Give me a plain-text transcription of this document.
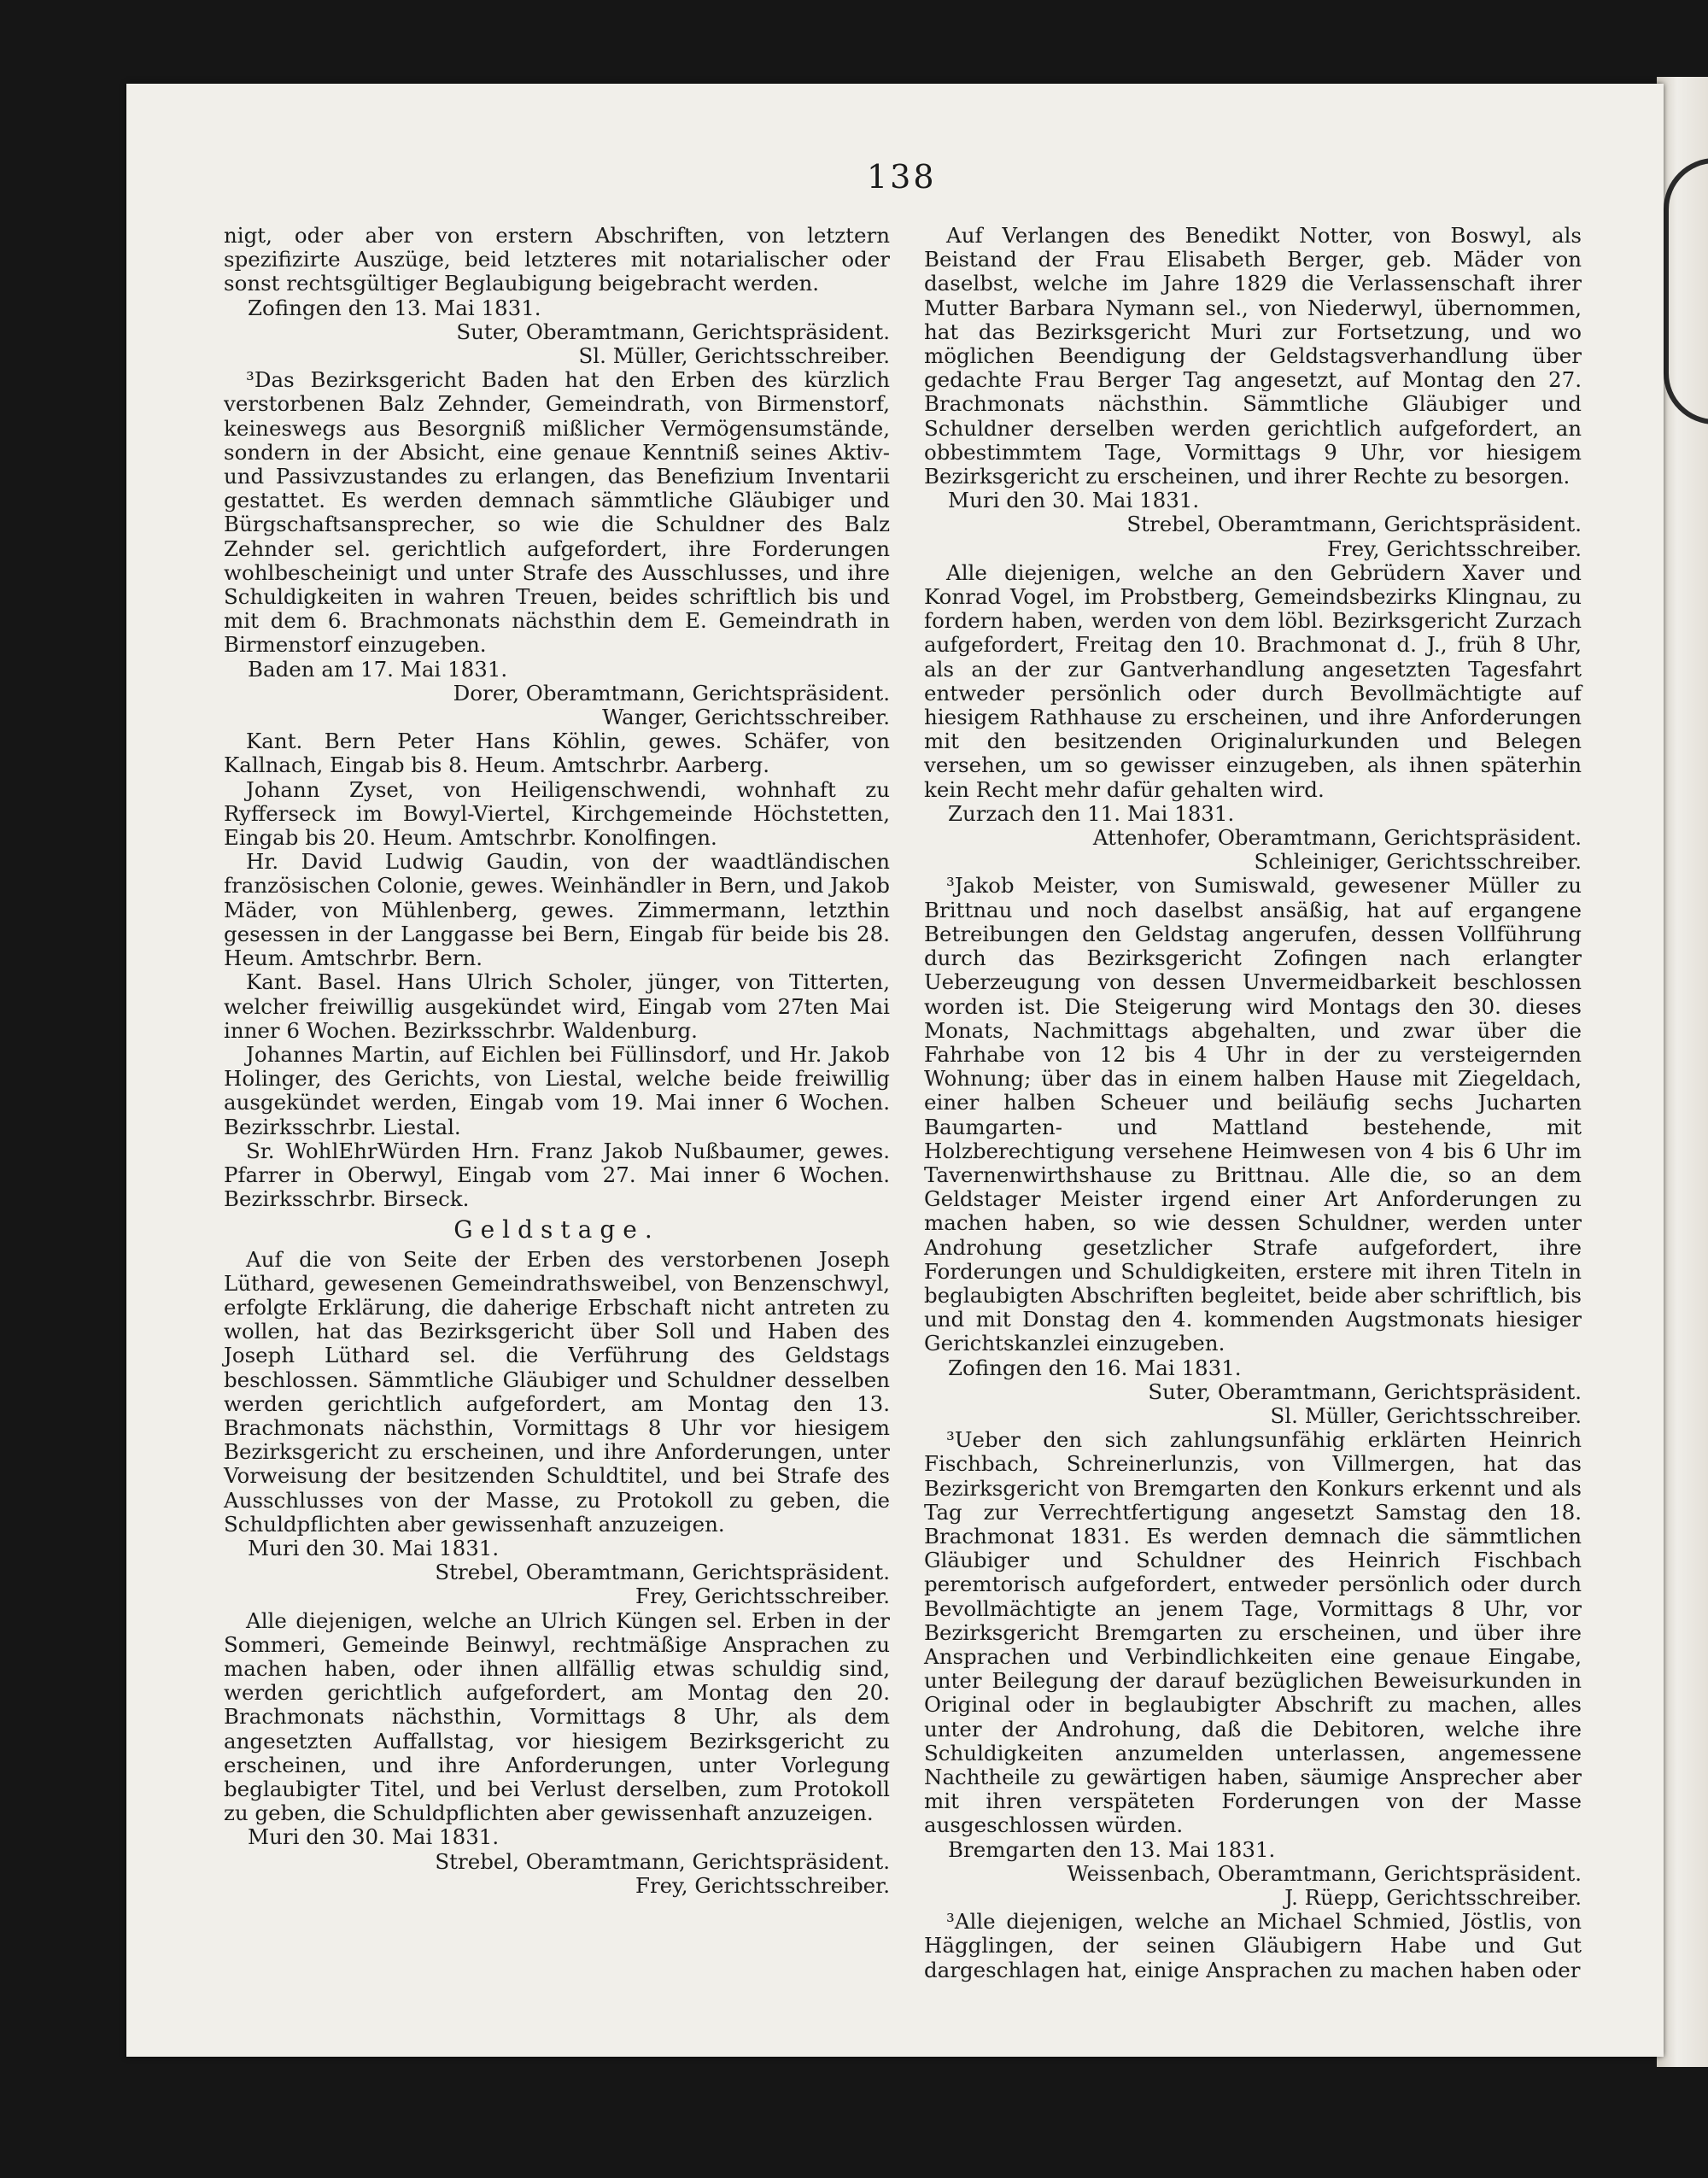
138

nigt, oder aber von erstern Abschriften, von letztern spezifizirte Auszüge, beid letzteres mit notarialischer oder sonst rechtsgültiger Beglaubigung beigebracht werden.

Zofingen den 13. Mai 1831.

Suter, Oberamtmann, Gerichtspräsident.

Sl. Müller, Gerichtsschreiber.

³Das Bezirksgericht Baden hat den Erben des kürzlich verstorbenen Balz Zehnder, Gemeindrath, von Birmenstorf, keineswegs aus Besorgniß mißlicher Vermögensumstände, sondern in der Absicht, eine genaue Kenntniß seines Aktiv- und Passivzustandes zu erlangen, das Benefizium Inventarii gestattet. Es werden demnach sämmtliche Gläubiger und Bürgschaftsansprecher, so wie die Schuldner des Balz Zehnder sel. gerichtlich aufgefordert, ihre Forderungen wohlbescheinigt und unter Strafe des Ausschlusses, und ihre Schuldigkeiten in wahren Treuen, beides schriftlich bis und mit dem 6. Brachmonats nächsthin dem E. Gemeindrath in Birmenstorf einzugeben.

Baden am 17. Mai 1831.

Dorer, Oberamtmann, Gerichtspräsident.

Wanger, Gerichtsschreiber.

Kant. Bern Peter Hans Köhlin, gewes. Schäfer, von Kallnach, Eingab bis 8. Heum. Amtschrbr. Aarberg.

Johann Zyset, von Heiligenschwendi, wohnhaft zu Ryfferseck im Bowyl-Viertel, Kirchgemeinde Höchstetten, Eingab bis 20. Heum. Amtschrbr. Konolfingen.

Hr. David Ludwig Gaudin, von der waadtländischen französischen Colonie, gewes. Weinhändler in Bern, und Jakob Mäder, von Mühlenberg, gewes. Zimmermann, letzthin gesessen in der Langgasse bei Bern, Eingab für beide bis 28. Heum. Amtschrbr. Bern.

Kant. Basel. Hans Ulrich Scholer, jünger, von Titterten, welcher freiwillig ausgekündet wird, Eingab vom 27ten Mai inner 6 Wochen. Bezirksschrbr. Waldenburg.

Johannes Martin, auf Eichlen bei Füllinsdorf, und Hr. Jakob Holinger, des Gerichts, von Liestal, welche beide freiwillig ausgekündet werden, Eingab vom 19. Mai inner 6 Wochen. Bezirksschrbr. Liestal.

Sr. WohlEhrWürden Hrn. Franz Jakob Nußbaumer, gewes. Pfarrer in Oberwyl, Eingab vom 27. Mai inner 6 Wochen. Bezirksschrbr. Birseck.

Geldstage.

Auf die von Seite der Erben des verstorbenen Joseph Lüthard, gewesenen Gemeindrathsweibel, von Benzenschwyl, erfolgte Erklärung, die daherige Erbschaft nicht antreten zu wollen, hat das Bezirksgericht über Soll und Haben des Joseph Lüthard sel. die Verführung des Geldstags beschlossen. Sämmtliche Gläubiger und Schuldner desselben werden gerichtlich aufgefordert, am Montag den 13. Brachmonats nächsthin, Vormittags 8 Uhr vor hiesigem Bezirksgericht zu erscheinen, und ihre Anforderungen, unter Vorweisung der besitzenden Schuldtitel, und bei Strafe des Ausschlusses von der Masse, zu Protokoll zu geben, die Schuldpflichten aber gewissenhaft anzuzeigen.

Muri den 30. Mai 1831.

Strebel, Oberamtmann, Gerichtspräsident.

Frey, Gerichtsschreiber.

Alle diejenigen, welche an Ulrich Küngen sel. Erben in der Sommeri, Gemeinde Beinwyl, rechtmäßige Ansprachen zu machen haben, oder ihnen allfällig etwas schuldig sind, werden gerichtlich aufgefordert, am Montag den 20. Brachmonats nächsthin, Vormittags 8 Uhr, als dem angesetzten Auffallstag, vor hiesigem Bezirksgericht zu erscheinen, und ihre Anforderungen, unter Vorlegung beglaubigter Titel, und bei Verlust derselben, zum Protokoll zu geben, die Schuldpflichten aber gewissenhaft anzuzeigen.

Muri den 30. Mai 1831.

Strebel, Oberamtmann, Gerichtspräsident.

Frey, Gerichtsschreiber.

Auf Verlangen des Benedikt Notter, von Boswyl, als Beistand der Frau Elisabeth Berger, geb. Mäder von daselbst, welche im Jahre 1829 die Verlassenschaft ihrer Mutter Barbara Nymann sel., von Niederwyl, übernommen, hat das Bezirksgericht Muri zur Fortsetzung, und wo möglichen Beendigung der Geldstagsverhandlung über gedachte Frau Berger Tag angesetzt, auf Montag den 27. Brachmonats nächsthin. Sämmtliche Gläubiger und Schuldner derselben werden gerichtlich aufgefordert, an obbestimmtem Tage, Vormittags 9 Uhr, vor hiesigem Bezirksgericht zu erscheinen, und ihrer Rechte zu besorgen.

Muri den 30. Mai 1831.

Strebel, Oberamtmann, Gerichtspräsident.

Frey, Gerichtsschreiber.

Alle diejenigen, welche an den Gebrüdern Xaver und Konrad Vogel, im Probstberg, Gemeindsbezirks Klingnau, zu fordern haben, werden von dem löbl. Bezirksgericht Zurzach aufgefordert, Freitag den 10. Brachmonat d. J., früh 8 Uhr, als an der zur Gantverhandlung angesetzten Tagesfahrt entweder persönlich oder durch Bevollmächtigte auf hiesigem Rathhause zu erscheinen, und ihre Anforderungen mit den besitzenden Originalurkunden und Belegen versehen, um so gewisser einzugeben, als ihnen späterhin kein Recht mehr dafür gehalten wird.

Zurzach den 11. Mai 1831.

Attenhofer, Oberamtmann, Gerichtspräsident.

Schleiniger, Gerichtsschreiber.

³Jakob Meister, von Sumiswald, gewesener Müller zu Brittnau und noch daselbst ansäßig, hat auf ergangene Betreibungen den Geldstag angerufen, dessen Vollführung durch das Bezirksgericht Zofingen nach erlangter Ueberzeugung von dessen Unvermeidbarkeit beschlossen worden ist. Die Steigerung wird Montags den 30. dieses Monats, Nachmittags abgehalten, und zwar über die Fahrhabe von 12 bis 4 Uhr in der zu versteigernden Wohnung; über das in einem halben Hause mit Ziegeldach, einer halben Scheuer und beiläufig sechs Jucharten Baumgarten- und Mattland bestehende, mit Holzberechtigung versehene Heimwesen von 4 bis 6 Uhr im Tavernenwirthshause zu Brittnau. Alle die, so an dem Geldstager Meister irgend einer Art Anforderungen zu machen haben, so wie dessen Schuldner, werden unter Androhung gesetzlicher Strafe aufgefordert, ihre Forderungen und Schuldigkeiten, erstere mit ihren Titeln in beglaubigten Abschriften begleitet, beide aber schriftlich, bis und mit Donstag den 4. kommenden Augstmonats hiesiger Gerichtskanzlei einzugeben.

Zofingen den 16. Mai 1831.

Suter, Oberamtmann, Gerichtspräsident.

Sl. Müller, Gerichtsschreiber.

³Ueber den sich zahlungsunfähig erklärten Heinrich Fischbach, Schreinerlunzis, von Villmergen, hat das Bezirksgericht von Bremgarten den Konkurs erkennt und als Tag zur Verrechtfertigung angesetzt Samstag den 18. Brachmonat 1831. Es werden demnach die sämmtlichen Gläubiger und Schuldner des Heinrich Fischbach peremtorisch aufgefordert, entweder persönlich oder durch Bevollmächtigte an jenem Tage, Vormittags 8 Uhr, vor Bezirksgericht Bremgarten zu erscheinen, und über ihre Ansprachen und Verbindlichkeiten eine genaue Eingabe, unter Beilegung der darauf bezüglichen Beweisurkunden in Original oder in beglaubigter Abschrift zu machen, alles unter der Androhung, daß die Debitoren, welche ihre Schuldigkeiten anzumelden unterlassen, angemessene Nachtheile zu gewärtigen haben, säumige Ansprecher aber mit ihren verspäteten Forderungen von der Masse ausgeschlossen würden.

Bremgarten den 13. Mai 1831.

Weissenbach, Oberamtmann, Gerichtspräsident.

J. Rüepp, Gerichtsschreiber.

³Alle diejenigen, welche an Michael Schmied, Jöstlis, von Hägglingen, der seinen Gläubigern Habe und Gut dargeschlagen hat, einige Ansprachen zu machen haben oder
